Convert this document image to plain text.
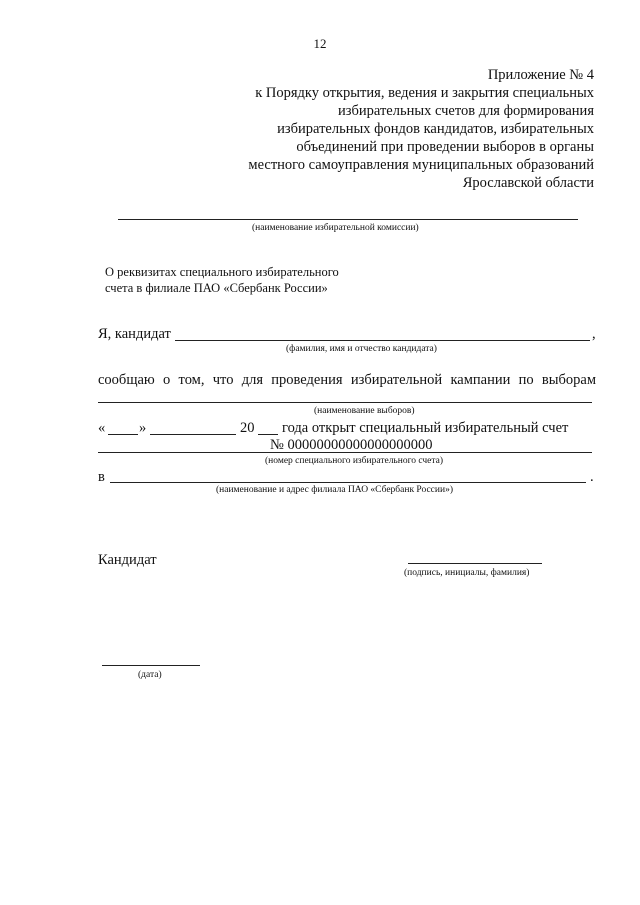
12
Приложение № 4
к Порядку открытия, ведения и закрытия специальных
избирательных счетов для формирования
избирательных фондов кандидатов, избирательных
объединений при проведении выборов в органы
местного самоуправления муниципальных образований
Ярославской области
(наименование избирательной комиссии)
О реквизитах специального избирательного
счета в филиале ПАО «Сбербанк России»
Я, кандидат	,
(фамилия, имя и отчество кандидата)
сообщаю о том, что для проведения избирательной кампании по выборам
(наименование выборов)
« »	20 года открыт специальный избирательный счет
№ 00000000000000000000
(номер специального избирательного счета)
в	.
(наименование и адрес филиала ПАО «Сбербанк России»)
Кандидат
(подпись, инициалы, фамилия)
(дата)
